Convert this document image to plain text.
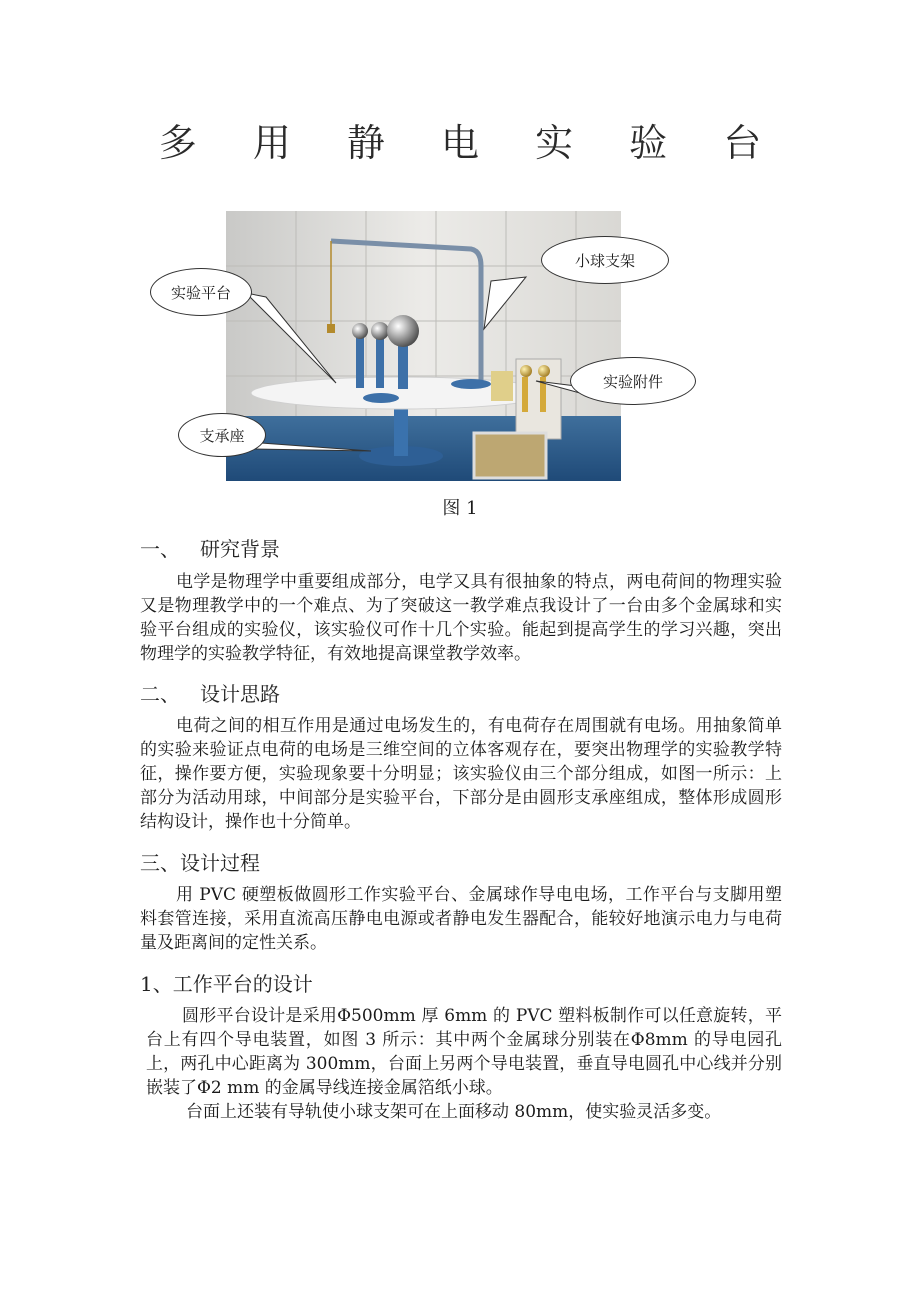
多 用 静 电 实 验 台
实验平台
小球支架
实验附件
支承座
图 1
一、 研究背景
电学是物理学中重要组成部分，电学又具有很抽象的特点，两电荷间的物理实验又是物理教学中的一个难点、为了突破这一教学难点我设计了一台由多个金属球和实验平台组成的实验仪，该实验仪可作十几个实验。能起到提高学生的学习兴趣，突出物理学的实验教学特征，有效地提高课堂教学效率。
二、 设计思路
电荷之间的相互作用是通过电场发生的，有电荷存在周围就有电场。用抽象简单的实验来验证点电荷的电场是三维空间的立体客观存在，要突出物理学的实验教学特征，操作要方便，实验现象要十分明显；该实验仪由三个部分组成，如图一所示：上部分为活动用球，中间部分是实验平台，下部分是由圆形支承座组成，整体形成圆形结构设计，操作也十分简单。
三、设计过程
用 PVC 硬塑板做圆形工作实验平台、金属球作导电电场，工作平台与支脚用塑料套管连接，采用直流高压静电电源或者静电发生器配合，能较好地演示电力与电荷量及距离间的定性关系。
1、工作平台的设计
圆形平台设计是采用Φ500mm 厚 6mm 的 PVC 塑料板制作可以任意旋转，平台上有四个导电装置，如图 3 所示：其中两个金属球分别装在Φ8mm 的导电园孔上，两孔中心距离为 300mm，台面上另两个导电装置，垂直导电圆孔中心线并分别嵌装了Φ2 mm 的金属导线连接金属箔纸小球。
台面上还装有导轨使小球支架可在上面移动 80mm，使实验灵活多变。
